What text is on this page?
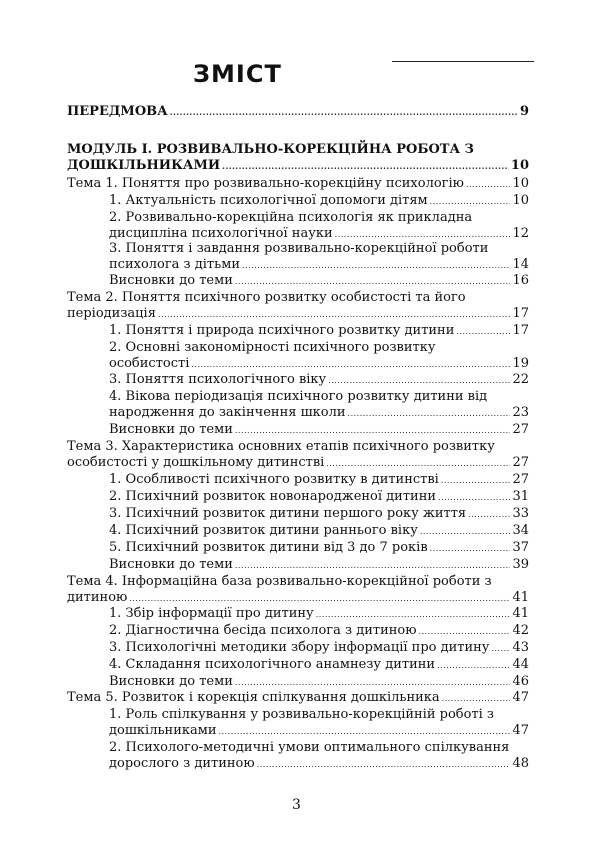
ЗМІСТ
ПЕРЕДМОВА .....	9
МОДУЛЬ І. РОЗВИВАЛЬНО-КОРЕКЦІЙНА РОБОТА З
ДОШКІЛЬНИКАМИ .....	10
Тема 1. Поняття про розвивально-корекційну психологію .....	10
1. Актуальність психологічної допомоги дітям .....	10
2. Розвивально-корекційна психологія як прикладна
дисципліна психологічної науки .....	12
3. Поняття і завдання розвивально-корекційної роботи
психолога з дітьми .....	14
Висновки до теми .....	16
Тема 2. Поняття психічного розвитку особистості та його
періодизація .....	17
1. Поняття і природа психічного розвитку дитини .....	17
2. Основні закономірності психічного розвитку
особистості .....	19
3. Поняття психологічного віку .....	22
4. Вікова періодизація психічного розвитку дитини від
народження до закінчення школи .....	23
Висновки до теми .....	27
Тема 3. Характеристика основних етапів психічного розвитку
особистості у дошкільному дитинстві .....	27
1. Особливості психічного розвитку в дитинстві .....	27
2. Психічний розвиток новонародженої дитини .....	31
3. Психічний розвиток дитини першого року життя .....	33
4. Психічний розвиток дитини раннього віку .....	34
5. Психічний розвиток дитини від 3 до 7 років .....	37
Висновки до теми .....	39
Тема 4. Інформаційна база розвивально-корекційної роботи з
дитиною .....	41
1. Збір інформації про дитину .....	41
2. Діагностична бесіда психолога з дитиною .....	42
3. Психологічні методики збору інформації про дитину ..... 43
4. Складання психологічного анамнезу дитини .....	44
Висновки до теми .....	46
Тема 5. Розвиток і корекція спілкування дошкільника .....	47
1. Роль спілкування у розвивально-корекційній роботі з
дошкільниками .....	47
2. Психолого-методичні умови оптимального спілкування
дорослого з дитиною .....	48
3
